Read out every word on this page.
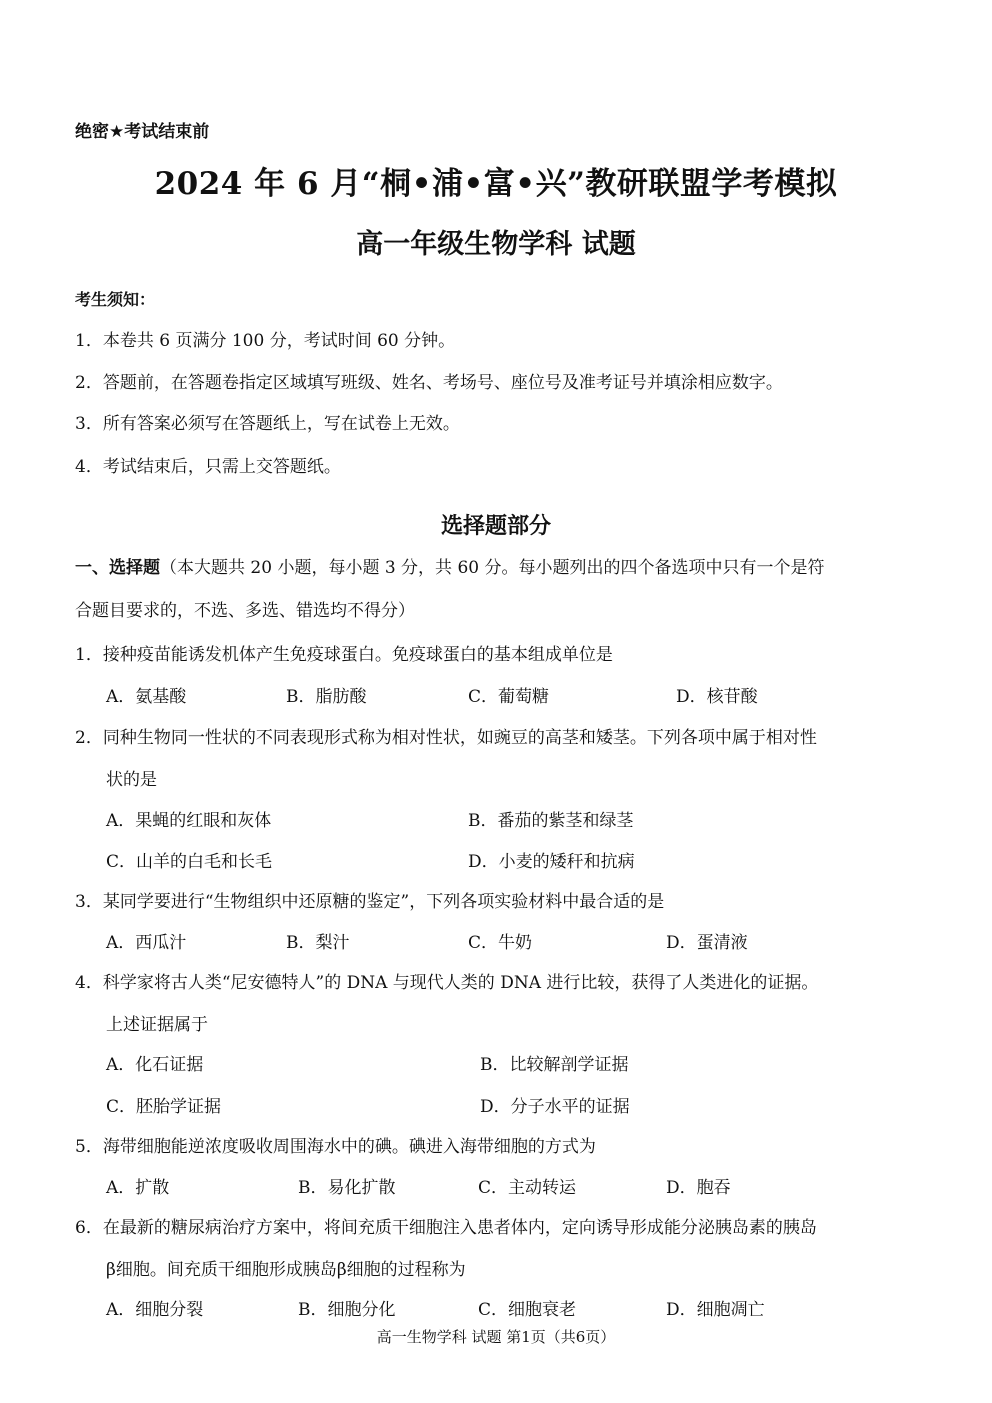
绝密★考试结束前
2024 年 6 月“桐•浦•富•兴”教研联盟学考模拟
高一年级生物学科 试题
考生须知：
1．本卷共 6 页满分 100 分，考试时间 60 分钟。
2．答题前，在答题卷指定区域填写班级、姓名、考场号、座位号及准考证号并填涂相应数字。
3．所有答案必须写在答题纸上，写在试卷上无效。
4．考试结束后，只需上交答题纸。
选择题部分
一、选择题（本大题共 20 小题，每小题 3 分，共 60 分。每小题列出的四个备选项中只有一个是符
合题目要求的，不选、多选、错选均不得分）
1．接种疫苗能诱发机体产生免疫球蛋白。免疫球蛋白的基本组成单位是
A．氨基酸	B．脂肪酸	C．葡萄糖	D．核苷酸
2．同种生物同一性状的不同表现形式称为相对性状，如豌豆的高茎和矮茎。下列各项中属于相对性
状的是
A．果蝇的红眼和灰体	B．番茄的紫茎和绿茎
C．山羊的白毛和长毛	D．小麦的矮秆和抗病
3．某同学要进行“生物组织中还原糖的鉴定”，下列各项实验材料中最合适的是
A．西瓜汁	B．梨汁	C．牛奶	D．蛋清液
4．科学家将古人类“尼安德特人”的 DNA 与现代人类的 DNA 进行比较，获得了人类进化的证据。
上述证据属于
A．化石证据	B．比较解剖学证据
C．胚胎学证据	D．分子水平的证据
5．海带细胞能逆浓度吸收周围海水中的碘。碘进入海带细胞的方式为
A．扩散	B．易化扩散	C．主动转运	D．胞吞
6．在最新的糖尿病治疗方案中，将间充质干细胞注入患者体内，定向诱导形成能分泌胰岛素的胰岛
β细胞。间充质干细胞形成胰岛β细胞的过程称为
A．细胞分裂	B．细胞分化	C．细胞衰老	D．细胞凋亡
高一生物学科 试题 第1页（共6页）
